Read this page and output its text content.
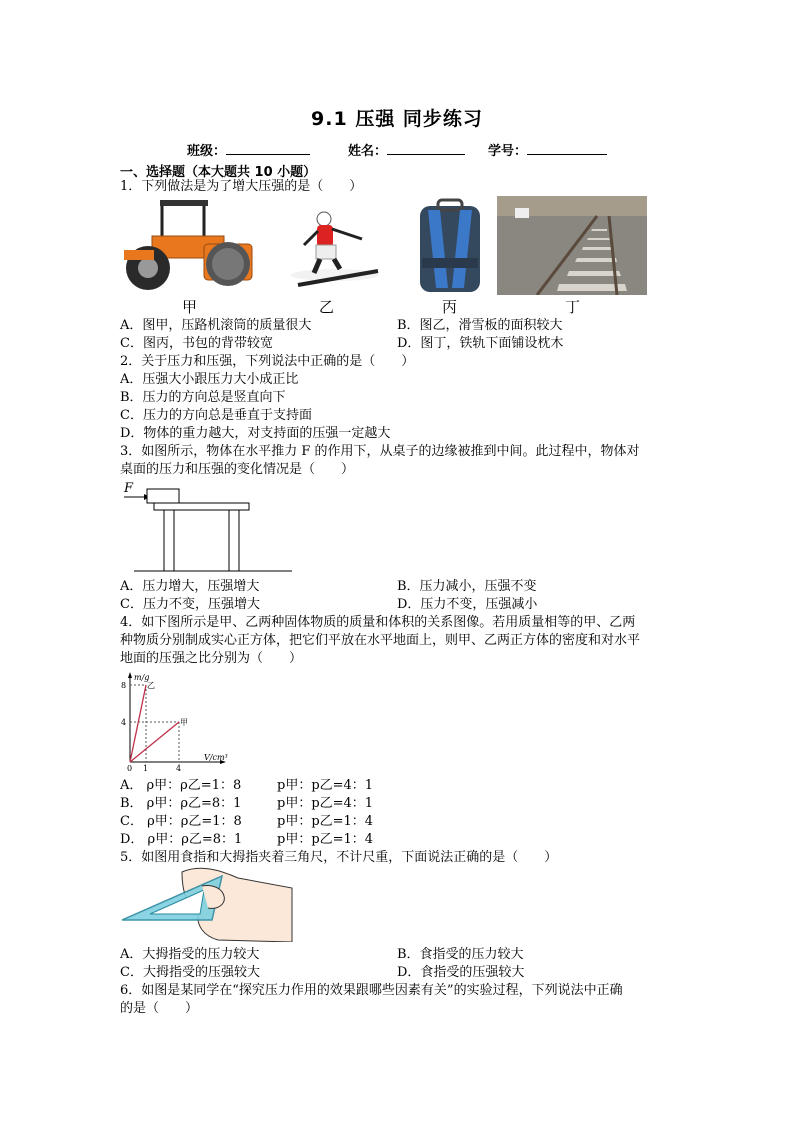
9.1 压强 同步练习
班级：	姓名：	学号：
一、选择题（本大题共 10 小题）
1．下列做法是为了增大压强的是（　　）
甲	乙	丙	丁
A．图甲，压路机滚筒的质量很大	B．图乙，滑雪板的面积较大
C．图丙，书包的背带较宽	D．图丁，铁轨下面铺设枕木
2．关于压力和压强，下列说法中正确的是（　　）
A．压强大小跟压力大小成正比
B．压力的方向总是竖直向下
C．压力的方向总是垂直于支持面
D．物体的重力越大，对支持面的压强一定越大
3．如图所示，物体在水平推力 F 的作用下，从桌子的边缘被推到中间。此过程中，物体对
桌面的压力和压强的变化情况是（　　）
F
A．压力增大，压强增大	B．压力减小，压强不变
C．压力不变，压强增大	D．压力不变，压强减小
4．如下图所示是甲、乙两种固体物质的质量和体积的关系图像。若用质量相等的甲、乙两
种物质分别制成实心正方体，把它们平放在水平地面上，则甲、乙两正方体的密度和对水平
地面的压强之比分别为（　　）
m/g
V/cm³
8
4
0 1	4
乙
甲
A． ρ甲：ρ乙=1：8	p甲：p乙=4：1
B． ρ甲：ρ乙=8：1	p甲：p乙=4：1
C． ρ甲：ρ乙=1：8	p甲：p乙=1：4
D． ρ甲：ρ乙=8：1	p甲：p乙=1：4
5．如图用食指和大拇指夹着三角尺，不计尺重，下面说法正确的是（　　）
A．大拇指受的压力较大	B．食指受的压力较大
C．大拇指受的压强较大	D．食指受的压强较大
6．如图是某同学在“探究压力作用的效果跟哪些因素有关”的实验过程，下列说法中正确
的是（　　）
